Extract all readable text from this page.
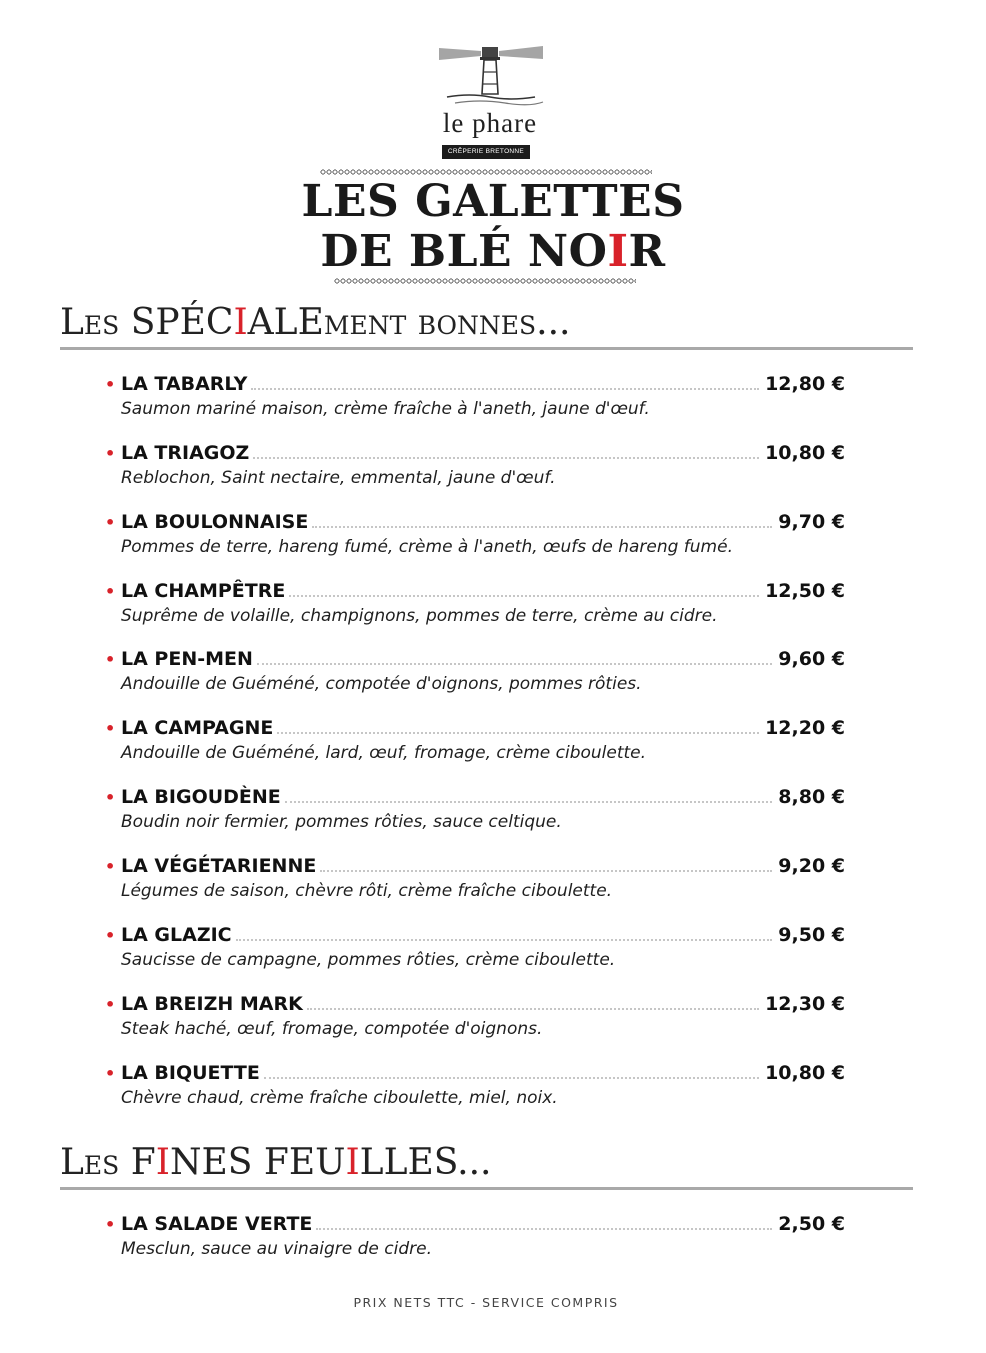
le phare
CRÊPERIE BRETONNE
LES GALETTES
DE BLÉ NOIR
Les SPÉCIALEment bonnes...
• LA TABARLY	12,80 €
Saumon mariné maison, crème fraîche à l'aneth, jaune d'œuf.
• LA TRIAGOZ	10,80 €
Reblochon, Saint nectaire, emmental, jaune d'œuf.
• LA BOULONNAISE	9,70 €
Pommes de terre, hareng fumé, crème à l'aneth, œufs de hareng fumé.
• LA CHAMPÊTRE	12,50 €
Suprême de volaille, champignons, pommes de terre, crème au cidre.
• LA PEN-MEN	9,60 €
Andouille de Guéméné, compotée d'oignons, pommes rôties.
• LA CAMPAGNE	12,20 €
Andouille de Guéméné, lard, œuf, fromage, crème ciboulette.
• LA BIGOUDÈNE	8,80 €
Boudin noir fermier, pommes rôties, sauce celtique.
• LA VÉGÉTARIENNE	9,20 €
Légumes de saison, chèvre rôti, crème fraîche ciboulette.
• LA GLAZIC	9,50 €
Saucisse de campagne, pommes rôties, crème ciboulette.
• LA BREIZH MARK	12,30 €
Steak haché, œuf, fromage, compotée d'oignons.
• LA BIQUETTE	10,80 €
Chèvre chaud, crème fraîche ciboulette, miel, noix.
Les FINES FEUILLES...
• LA SALADE VERTE	2,50 €
Mesclun, sauce au vinaigre de cidre.
PRIX NETS TTC - SERVICE COMPRIS
